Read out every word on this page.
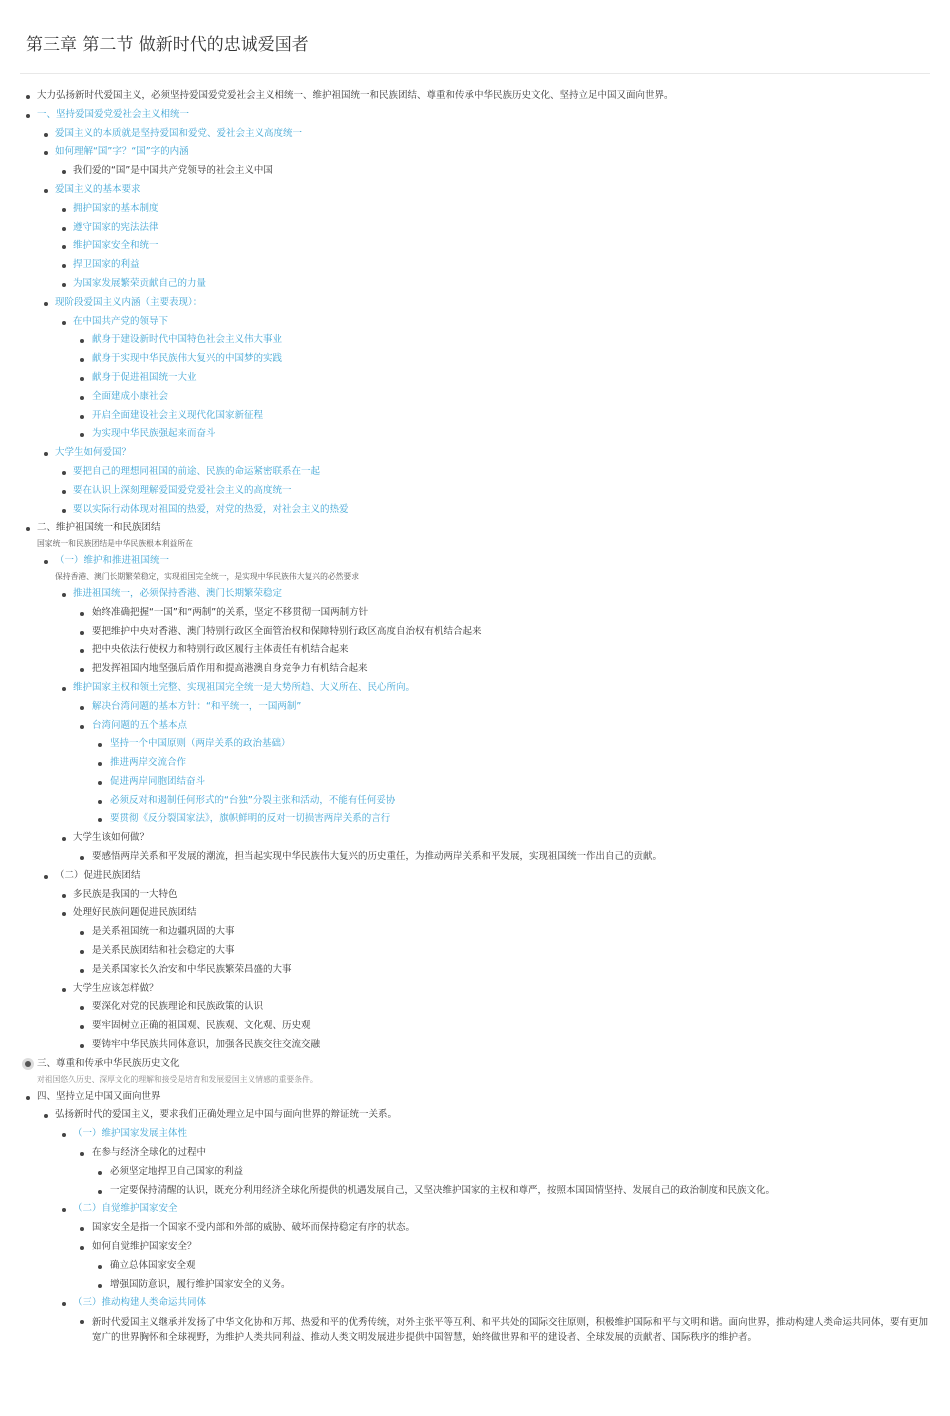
第三章 第二节 做新时代的忠诚爱国者
大力弘扬新时代爱国主义，必须坚持爱国爱党爱社会主义相统一、维护祖国统一和民族团结、尊重和传承中华民族历史文化、坚持立足中国又面向世界。
一、坚持爱国爱党爱社会主义相统一
爱国主义的本质就是坚持爱国和爱党、爱社会主义高度统一
如何理解“国”字？“国”字的内涵
我们爱的“国”是中国共产党领导的社会主义中国
爱国主义的基本要求
拥护国家的基本制度
遵守国家的宪法法律
维护国家安全和统一
捍卫国家的利益
为国家发展繁荣贡献自己的力量
现阶段爱国主义内涵（主要表现）：
在中国共产党的领导下
献身于建设新时代中国特色社会主义伟大事业
献身于实现中华民族伟大复兴的中国梦的实践
献身于促进祖国统一大业
全面建成小康社会
开启全面建设社会主义现代化国家新征程
为实现中华民族强起来而奋斗
大学生如何爱国？
要把自己的理想同祖国的前途、民族的命运紧密联系在一起
要在认识上深刻理解爱国爱党爱社会主义的高度统一
要以实际行动体现对祖国的热爱，对党的热爱，对社会主义的热爱
二、维护祖国统一和民族团结
国家统一和民族团结是中华民族根本利益所在
（一）维护和推进祖国统一
保持香港、澳门长期繁荣稳定，实现祖国完全统一，是实现中华民族伟大复兴的必然要求
推进祖国统一，必须保持香港、澳门长期繁荣稳定
始终准确把握“一国”和“两制”的关系，坚定不移贯彻一国两制方针
要把维护中央对香港、澳门特别行政区全面管治权和保障特别行政区高度自治权有机结合起来
把中央依法行使权力和特别行政区履行主体责任有机结合起来
把发挥祖国内地坚强后盾作用和提高港澳自身竞争力有机结合起来
维护国家主权和领土完整、实现祖国完全统一是大势所趋、大义所在、民心所向。
解决台湾问题的基本方针：“和平统一，一国两制”
台湾问题的五个基本点
坚持一个中国原则（两岸关系的政治基础）
推进两岸交流合作
促进两岸同胞团结奋斗
必须反对和遏制任何形式的“台独”分裂主张和活动，不能有任何妥协
要贯彻《反分裂国家法》，旗帜鲜明的反对一切损害两岸关系的言行
大学生该如何做？
要感悟两岸关系和平发展的潮流，担当起实现中华民族伟大复兴的历史重任，为推动两岸关系和平发展，实现祖国统一作出自己的贡献。
（二）促进民族团结
多民族是我国的一大特色
处理好民族问题促进民族团结
是关系祖国统一和边疆巩固的大事
是关系民族团结和社会稳定的大事
是关系国家长久治安和中华民族繁荣昌盛的大事
大学生应该怎样做？
要深化对党的民族理论和民族政策的认识
要牢固树立正确的祖国观、民族观、文化观、历史观
要铸牢中华民族共同体意识，加强各民族交往交流交融
三、尊重和传承中华民族历史文化
对祖国悠久历史、深厚文化的理解和接受是培育和发展爱国主义情感的重要条件。
四、坚持立足中国又面向世界
弘扬新时代的爱国主义，要求我们正确处理立足中国与面向世界的辩证统一关系。
（一）维护国家发展主体性
在参与经济全球化的过程中
必须坚定地捍卫自己国家的利益
一定要保持清醒的认识，既充分利用经济全球化所提供的机遇发展自己，又坚决维护国家的主权和尊严，按照本国国情坚持、发展自己的政治制度和民族文化。
（二）自觉维护国家安全
国家安全是指一个国家不受内部和外部的威胁、破坏而保持稳定有序的状态。
如何自觉维护国家安全？
确立总体国家安全观
增强国防意识，履行维护国家安全的义务。
（三）推动构建人类命运共同体
新时代爱国主义继承并发扬了中华文化协和万邦、热爱和平的优秀传统，对外主张平等互利、和平共处的国际交往原则，积极维护国际和平与文明和谐。面向世界，推动构建人类命运共同体，要有更加宽广的世界胸怀和全球视野，为维护人类共同利益、推动人类文明发展进步提供中国智慧，始终做世界和平的建设者、全球发展的贡献者、国际秩序的维护者。
